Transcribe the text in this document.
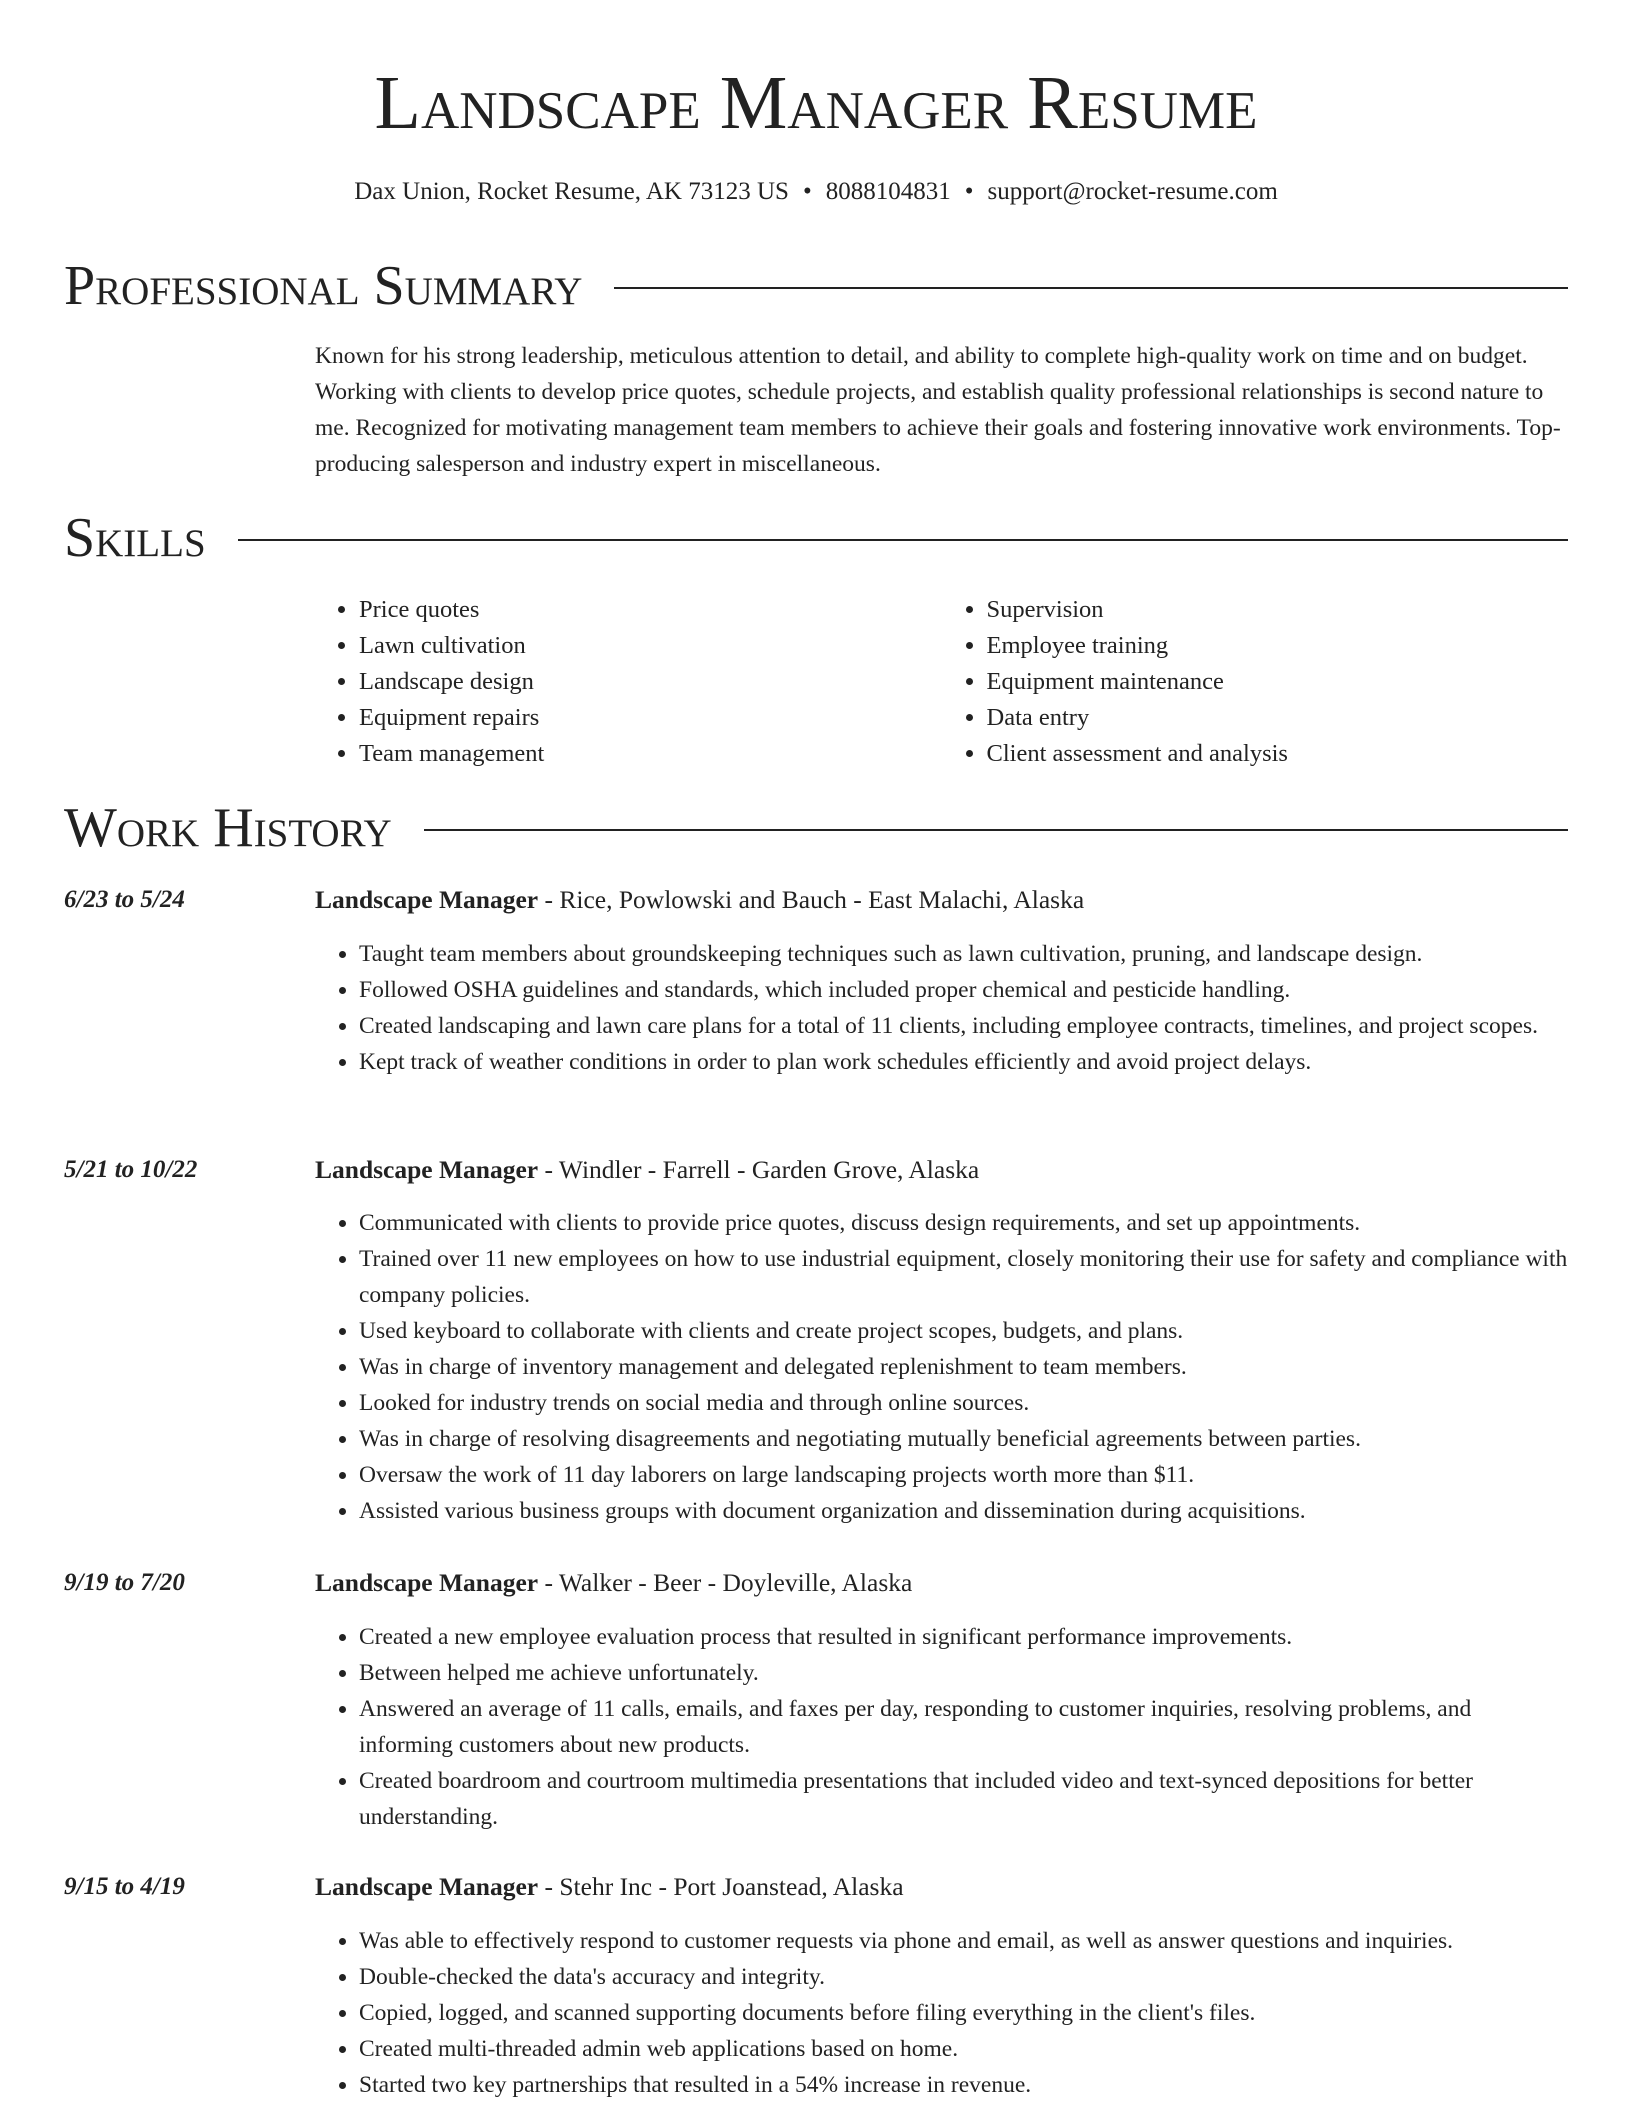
Landscape Manager Resume
Dax Union, Rocket Resume, AK 73123 US • 8088104831 • support@rocket-resume.com
Professional Summary

Known for his strong leadership, meticulous attention to detail, and ability to complete high-quality work on time and on budget. Working with clients to develop price quotes, schedule projects, and establish quality professional relationships is second nature to me. Recognized for motivating management team members to achieve their goals and fostering innovative work environments. Top-producing salesperson and industry expert in miscellaneous.

Skills
• Price quotes
• Lawn cultivation
• Landscape design
• Equipment repairs
• Team management
• Supervision
• Employee training
• Equipment maintenance
• Data entry
• Client assessment and analysis
Work History
6/23 to 5/24	Landscape Manager - Rice, Powlowski and Bauch - East Malachi, Alaska
• Taught team members about groundskeeping techniques such as lawn cultivation, pruning, and landscape design.
• Followed OSHA guidelines and standards, which included proper chemical and pesticide handling.
• Created landscaping and lawn care plans for a total of 11 clients, including employee contracts, timelines, and project scopes.
• Kept track of weather conditions in order to plan work schedules efficiently and avoid project delays.
5/21 to 10/22	Landscape Manager - Windler - Farrell - Garden Grove, Alaska
• Communicated with clients to provide price quotes, discuss design requirements, and set up appointments.
• Trained over 11 new employees on how to use industrial equipment, closely monitoring their use for safety and compliance with company policies.
• Used keyboard to collaborate with clients and create project scopes, budgets, and plans.
• Was in charge of inventory management and delegated replenishment to team members.
• Looked for industry trends on social media and through online sources.
• Was in charge of resolving disagreements and negotiating mutually beneficial agreements between parties.
• Oversaw the work of 11 day laborers on large landscaping projects worth more than $11.
• Assisted various business groups with document organization and dissemination during acquisitions.
9/19 to 7/20	Landscape Manager - Walker - Beer - Doyleville, Alaska
• Created a new employee evaluation process that resulted in significant performance improvements.
• Between helped me achieve unfortunately.
• Answered an average of 11 calls, emails, and faxes per day, responding to customer inquiries, resolving problems, and informing customers about new products.
• Created boardroom and courtroom multimedia presentations that included video and text-synced depositions for better understanding.
9/15 to 4/19	Landscape Manager - Stehr Inc - Port Joanstead, Alaska
• Was able to effectively respond to customer requests via phone and email, as well as answer questions and inquiries.
• Double-checked the data's accuracy and integrity.
• Copied, logged, and scanned supporting documents before filing everything in the client's files.
• Created multi-threaded admin web applications based on home.
• Started two key partnerships that resulted in a 54% increase in revenue.
